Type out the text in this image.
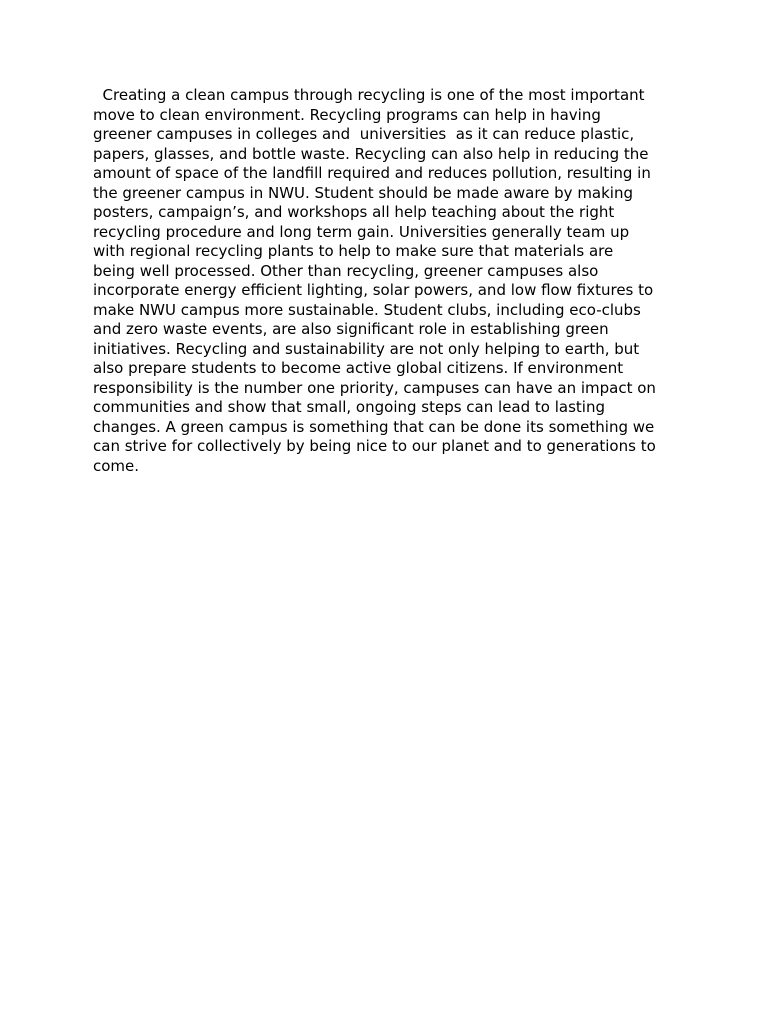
Creating a clean campus through recycling is one of the most important
move to clean environment. Recycling programs can help in having
greener campuses in colleges and  universities  as it can reduce plastic,
papers, glasses, and bottle waste. Recycling can also help in reducing the
amount of space of the landfill required and reduces pollution, resulting in
the greener campus in NWU. Student should be made aware by making
posters, campaign’s, and workshops all help teaching about the right
recycling procedure and long term gain. Universities generally team up
with regional recycling plants to help to make sure that materials are
being well processed. Other than recycling, greener campuses also
incorporate energy efficient lighting, solar powers, and low flow fixtures to
make NWU campus more sustainable. Student clubs, including eco-clubs
and zero waste events, are also significant role in establishing green
initiatives. Recycling and sustainability are not only helping to earth, but
also prepare students to become active global citizens. If environment
responsibility is the number one priority, campuses can have an impact on
communities and show that small, ongoing steps can lead to lasting
changes. A green campus is something that can be done its something we
can strive for collectively by being nice to our planet and to generations to
come.
